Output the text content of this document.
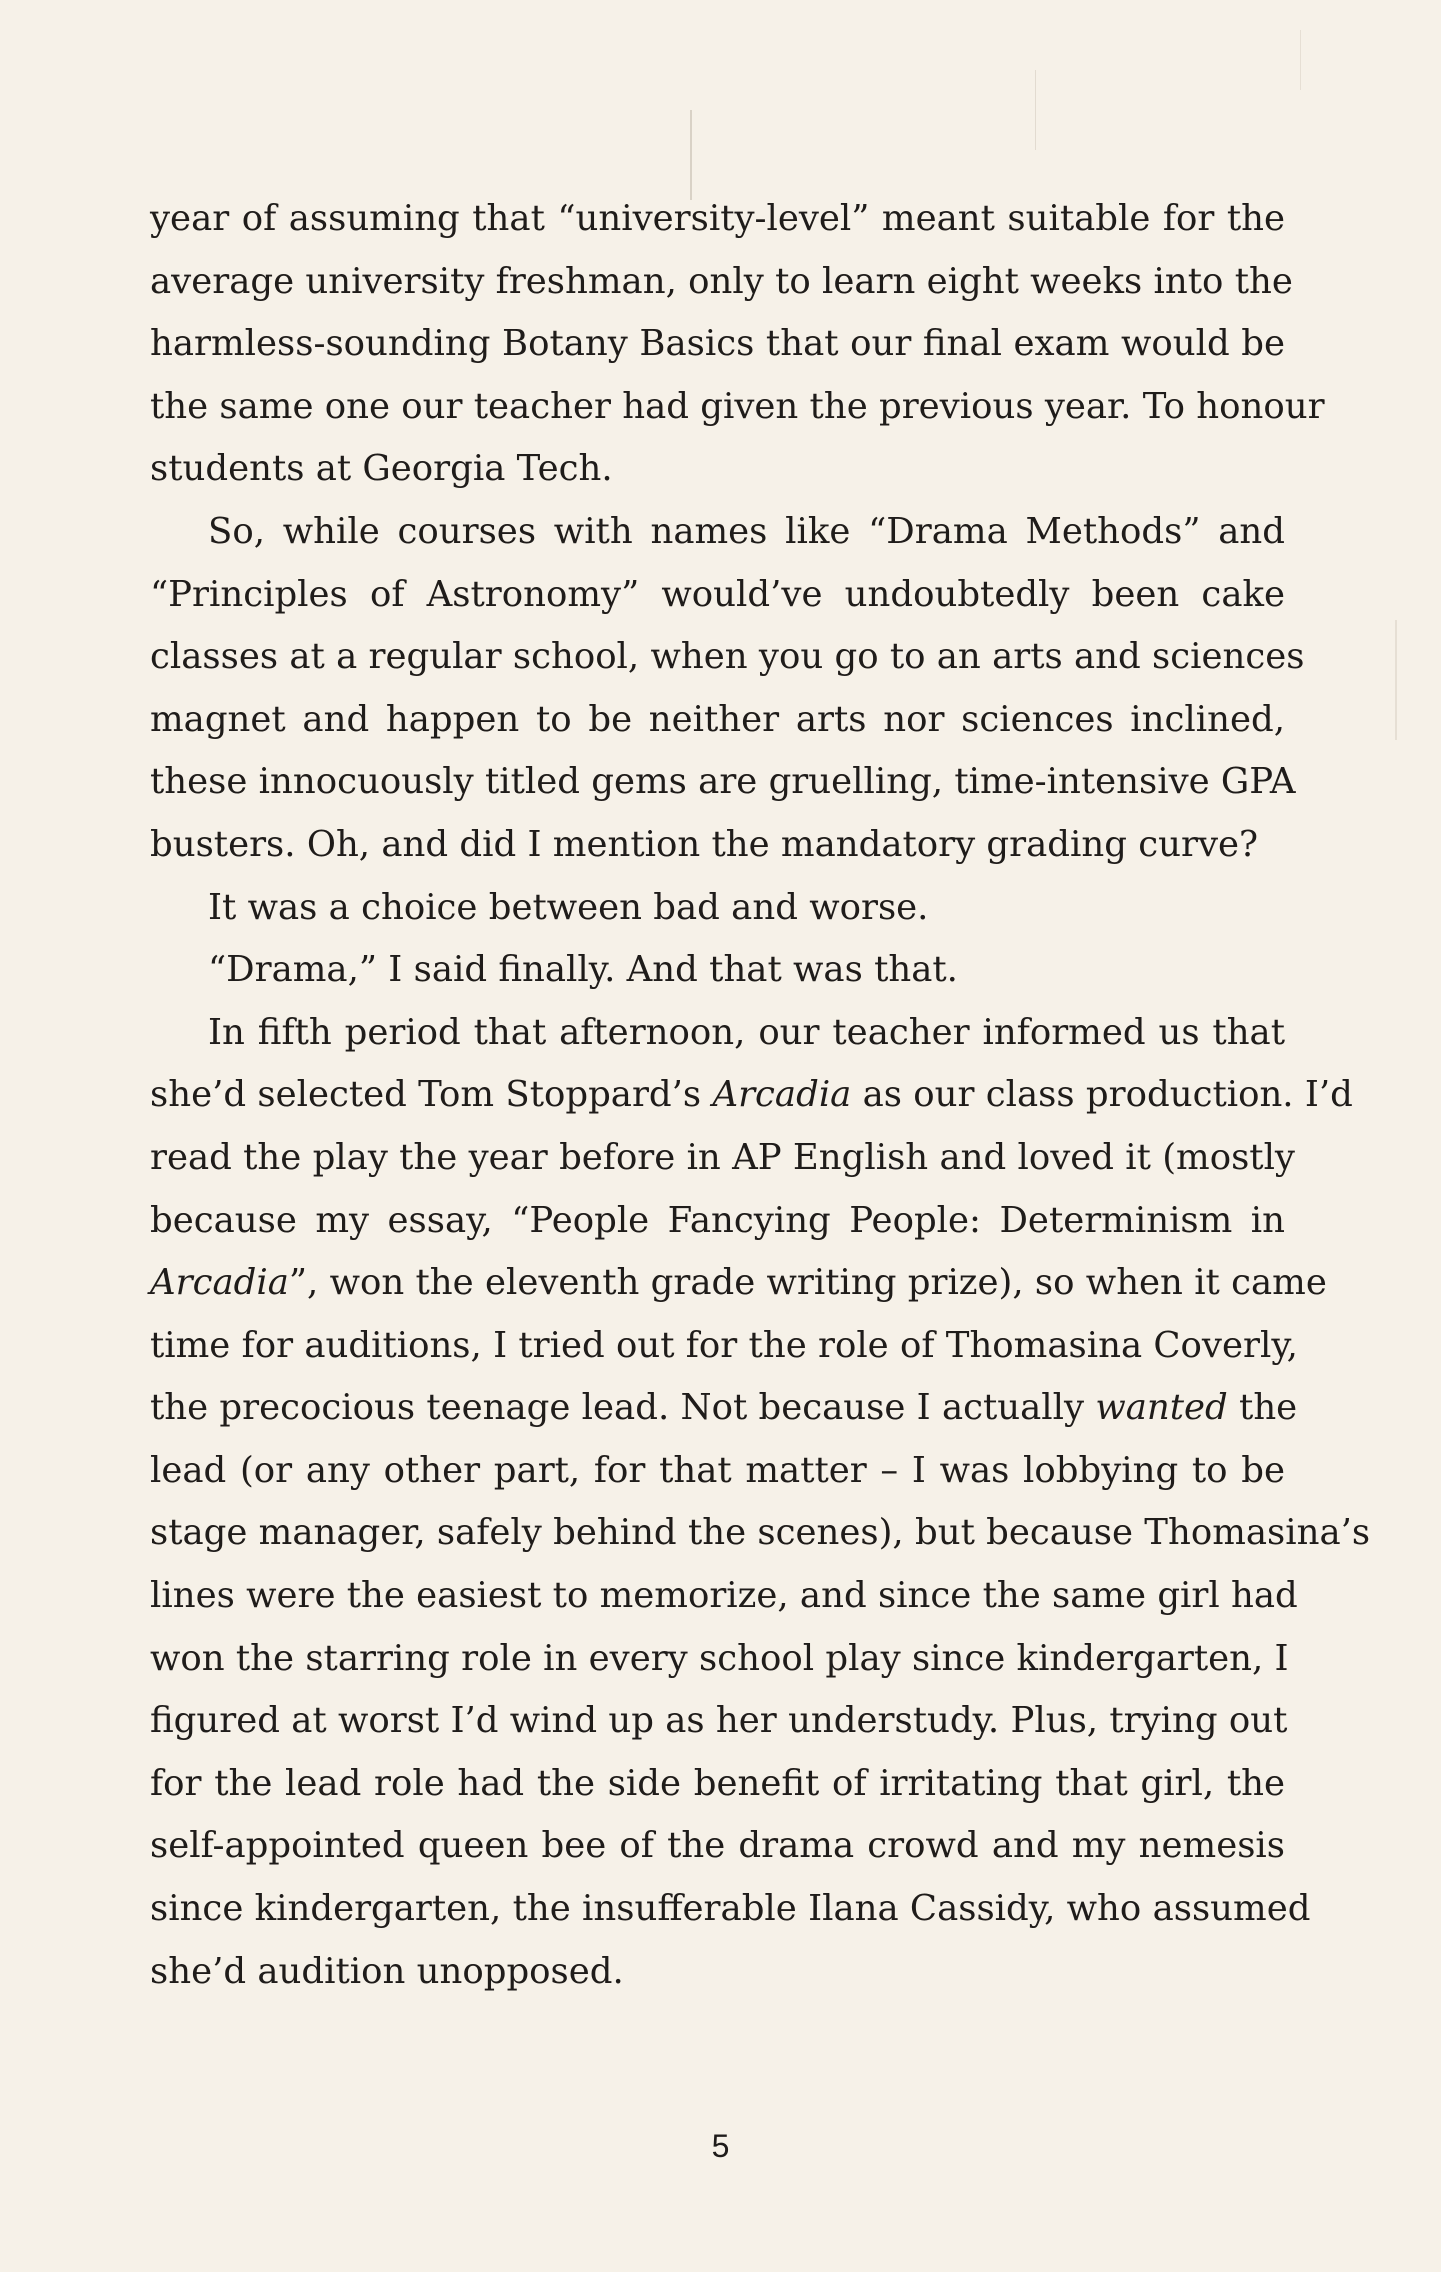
year of assuming that “university-level” meant suitable for the
average university freshman, only to learn eight weeks into the
harmless-sounding Botany Basics that our final exam would be
the same one our teacher had given the previous year. To honour
students at Georgia Tech.
So, while courses with names like “Drama Methods” and
“Principles of Astronomy” would’ve undoubtedly been cake
classes at a regular school, when you go to an arts and sciences
magnet and happen to be neither arts nor sciences inclined,
these innocuously titled gems are gruelling, time-intensive GPA
busters. Oh, and did I mention the mandatory grading curve?
It was a choice between bad and worse.
“Drama,” I said finally. And that was that.
In fifth period that afternoon, our teacher informed us that
she’d selected Tom Stoppard’s Arcadia as our class production. I’d
read the play the year before in AP English and loved it (mostly
because my essay, “People Fancying People: Determinism in
Arcadia”, won the eleventh grade writing prize), so when it came
time for auditions, I tried out for the role of Thomasina Coverly,
the precocious teenage lead. Not because I actually wanted the
lead (or any other part, for that matter – I was lobbying to be
stage manager, safely behind the scenes), but because Thomasina’s
lines were the easiest to memorize, and since the same girl had
won the starring role in every school play since kindergarten, I
figured at worst I’d wind up as her understudy. Plus, trying out
for the lead role had the side benefit of irritating that girl, the
self-appointed queen bee of the drama crowd and my nemesis
since kindergarten, the insufferable Ilana Cassidy, who assumed
she’d audition unopposed.
5
